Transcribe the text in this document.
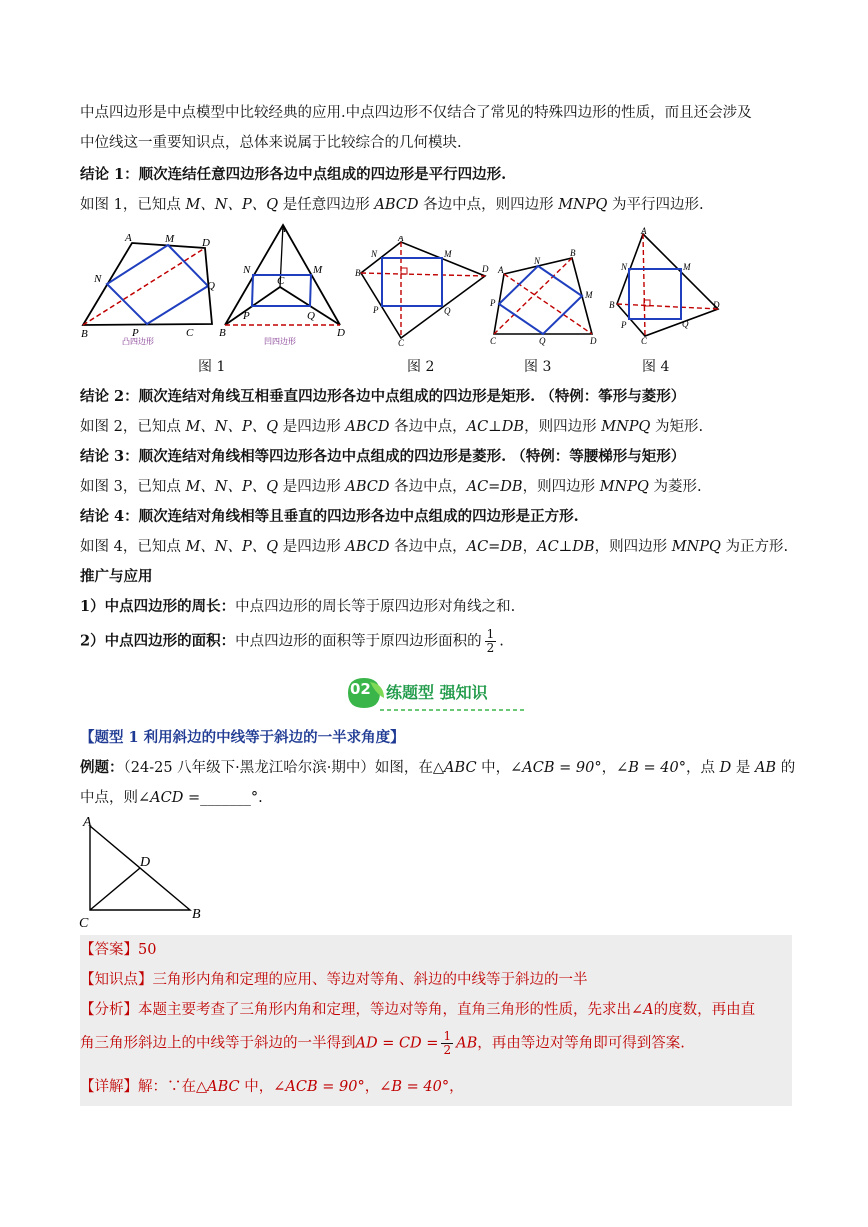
中点四边形是中点模型中比较经典的应用.中点四边形不仅结合了常见的特殊四边形的性质，而且还会涉及
中位线这一重要知识点，总体来说属于比较综合的几何模块.
结论 1：顺次连结任意四边形各边中点组成的四边形是平行四边形.
如图 1，已知点 M、N、P、Q 是任意四边形 ABCD 各边中点，则四边形 MNPQ 为平行四边形.
A	M	D
N
Q
B	P	C
凸四边形
A
N	M
C
P	Q
B	D
凹四边形
A
N	M
B	D
P	Q
C
A
N
B
M
P
Q
C	D
A
N	M
B	D
P	Q
C
图 1	图 2	图 3	图 4
结论 2：顺次连结对角线互相垂直四边形各边中点组成的四边形是矩形. （特例：筝形与菱形）
如图 2，已知点 M、N、P、Q 是四边形 ABCD 各边中点，AC⊥DB，则四边形 MNPQ 为矩形.
结论 3：顺次连结对角线相等四边形各边中点组成的四边形是菱形. （特例：等腰梯形与矩形）
如图 3，已知点 M、N、P、Q 是四边形 ABCD 各边中点，AC=DB，则四边形 MNPQ 为菱形.
结论 4：顺次连结对角线相等且垂直的四边形各边中点组成的四边形是正方形.
如图 4，已知点 M、N、P、Q 是四边形 ABCD 各边中点，AC=DB，AC⊥DB，则四边形 MNPQ 为正方形.
推广与应用
1）中点四边形的周长：中点四边形的周长等于原四边形对角线之和.
2）中点四边形的面积：中点四边形的面积等于原四边形面积的 $\frac{1}{2}$ .
02 练题型 强知识
【题型 1 利用斜边的中线等于斜边的一半求角度】
例题：（24-25 八年级下·黑龙江哈尔滨·期中）如图，在△ABC 中，∠ACB = 90°，∠B = 40°，点 D 是 AB 的
中点，则∠ACD =_______°.
A
D
C
B
【答案】50
【知识点】三角形内角和定理的应用、等边对等角、斜边的中线等于斜边的一半
【分析】本题主要考查了三角形内角和定理，等边对等角，直角三角形的性质，先求出∠A的度数，再由直
角三角形斜边上的中线等于斜边的一半得到AD = CD = $\frac{1}{2}$ AB，再由等边对等角即可得到答案.
【详解】解：∵在△ABC 中，∠ACB = 90°，∠B = 40°，
